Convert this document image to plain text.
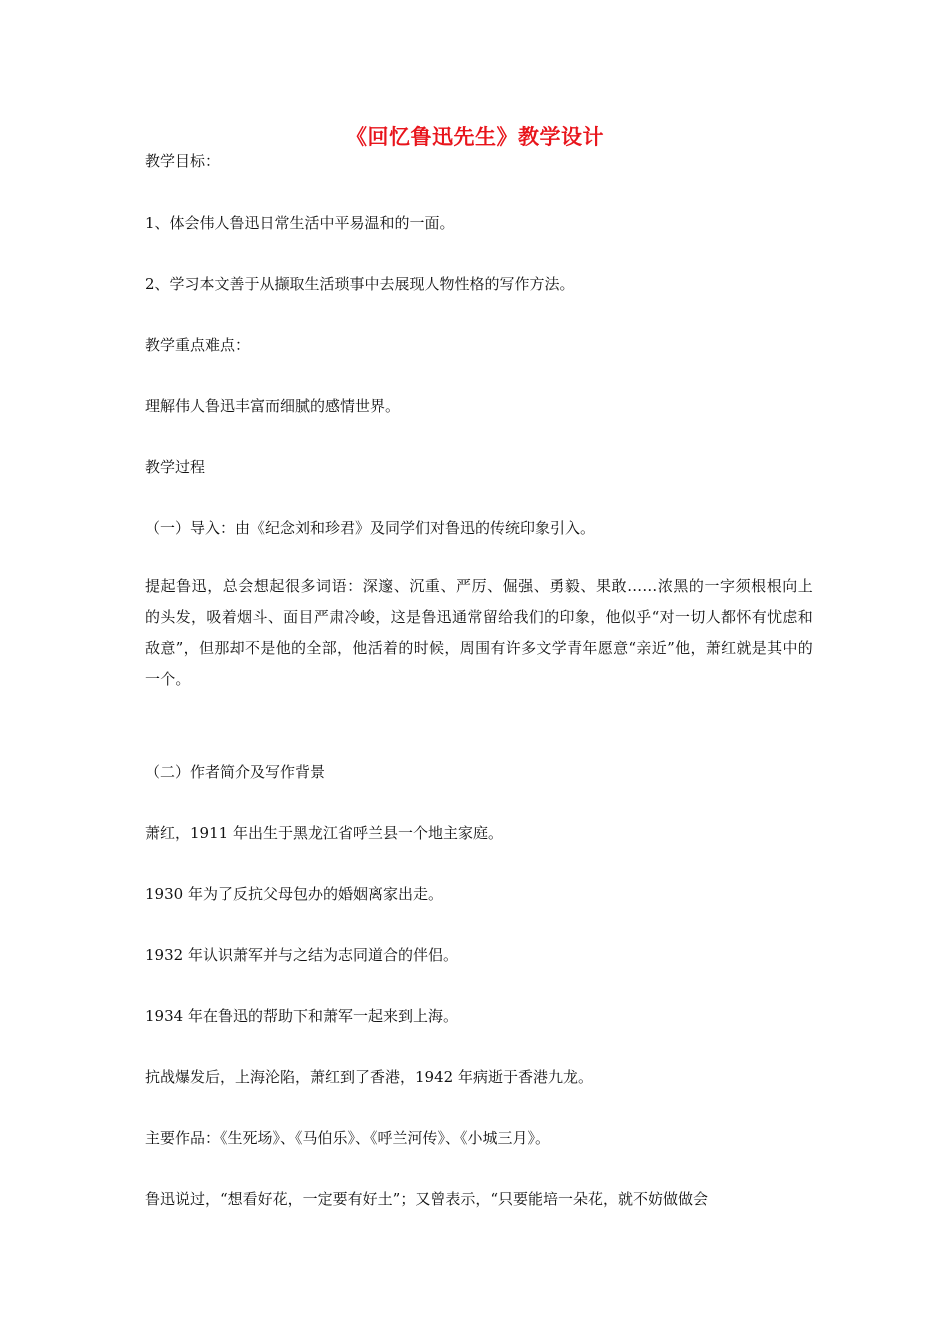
《回忆鲁迅先生》教学设计
教学目标：
1、体会伟人鲁迅日常生活中平易温和的一面。
2、学习本文善于从撷取生活琐事中去展现人物性格的写作方法。
教学重点难点：
理解伟人鲁迅丰富而细腻的感情世界。
教学过程
（一）导入：由《纪念刘和珍君》及同学们对鲁迅的传统印象引入。
提起鲁迅，总会想起很多词语：深邃、沉重、严厉、倔强、勇毅、果敢……浓黑的一字须根根向上的头发，吸着烟斗、面目严肃冷峻，这是鲁迅通常留给我们的印象，他似乎“对一切人都怀有忧虑和敌意”，但那却不是他的全部，他活着的时候，周围有许多文学青年愿意“亲近”他，萧红就是其中的一个。
（二）作者简介及写作背景
萧红，1911 年出生于黑龙江省呼兰县一个地主家庭。
1930 年为了反抗父母包办的婚姻离家出走。
1932 年认识萧军并与之结为志同道合的伴侣。
1934 年在鲁迅的帮助下和萧军一起来到上海。
抗战爆发后，上海沦陷，萧红到了香港，1942 年病逝于香港九龙。
主要作品：《生死场》、《马伯乐》、《呼兰河传》、《小城三月》。
鲁迅说过，“想看好花，一定要有好土”；又曾表示，“只要能培一朵花，就不妨做做会
